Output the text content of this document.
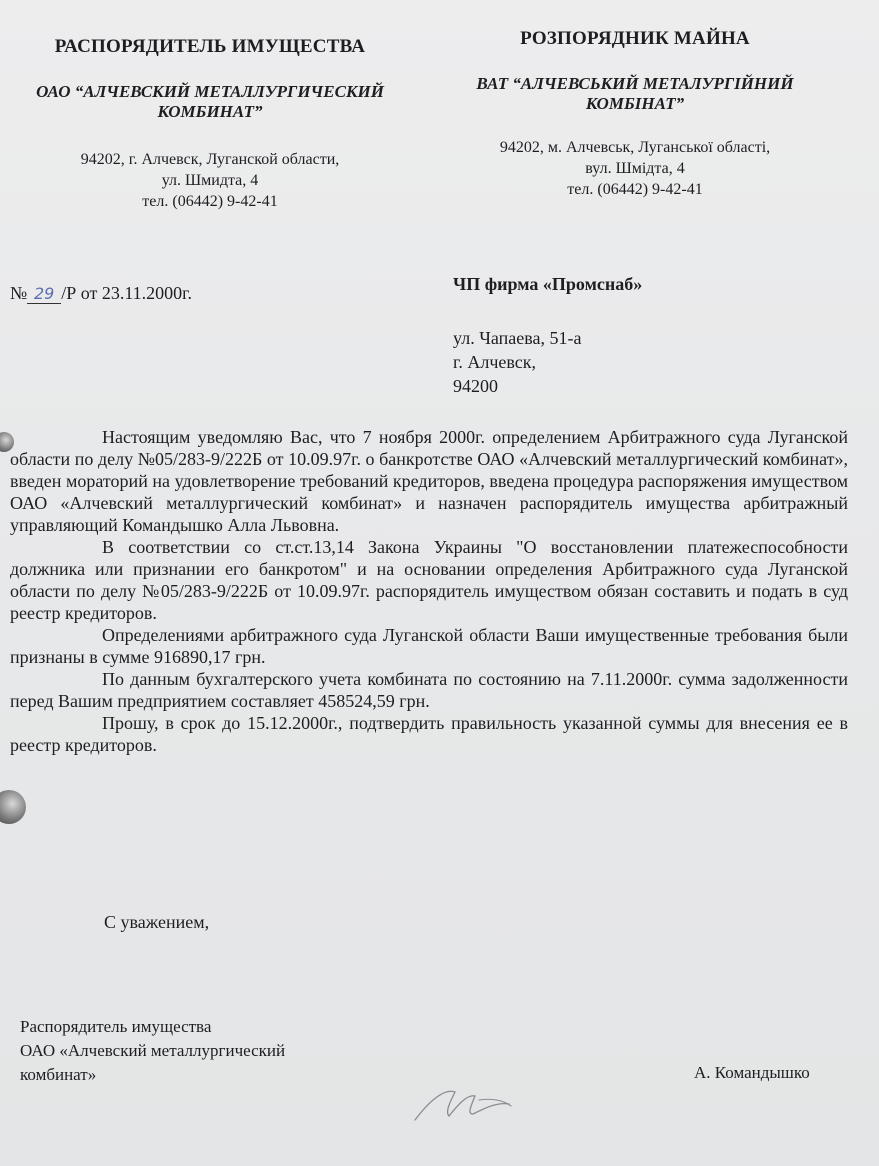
РАСПОРЯДИТЕЛЬ ИМУЩЕСТВА
ОАО “АЛЧЕВСКИЙ МЕТАЛЛУРГИЧЕСКИЙ
КОМБИНАТ”
94202, г. Алчевск, Луганской области,
ул. Шмидта, 4
тел. (06442) 9-42-41
РОЗПОРЯДНИК МАЙНА
ВАТ “АЛЧЕВСЬКИЙ МЕТАЛУРГІЙНИЙ
КОМБІНАТ”
94202, м. Алчевськ, Луганської області,
вул. Шмідта, 4
тел. (06442) 9-42-41
№ 29 /Р от 23.11.2000г.	ЧП фирма «Промснаб»
ул. Чапаева, 51-а
г. Алчевск,
94200

Настоящим уведомляю Вас, что 7 ноября 2000г. определением Арбитражного суда Луганской области по делу №05/283-9/222Б от 10.09.97г. о банкротстве ОАО «Алчевский металлургический комбинат», введен мораторий на удовлетворение требований кредиторов, введена процедура распоряжения имуществом ОАО «Алчевский металлургический комбинат» и назначен распорядитель имущества арбитражный управляющий Командышко Алла Львовна.

В соответствии со ст.ст.13,14 Закона Украины "О восстановлении платежеспособности должника или признании его банкротом" и на основании определения Арбитражного суда Луганской области по делу №05/283-9/222Б от 10.09.97г. распорядитель имуществом обязан составить и подать в суд реестр кредиторов.

Определениями арбитражного суда Луганской области Ваши имущественные требования были признаны в сумме 916890,17 грн.

По данным бухгалтерского учета комбината по состоянию на 7.11.2000г. сумма задолженности перед Вашим предприятием составляет 458524,59 грн.

Прошу, в срок до 15.12.2000г., подтвердить правильность указанной суммы для внесения ее в реестр кредиторов.

С уважением,
Распорядитель имущества
ОАО «Алчевский металлургический
комбинат»	А. Командышко
